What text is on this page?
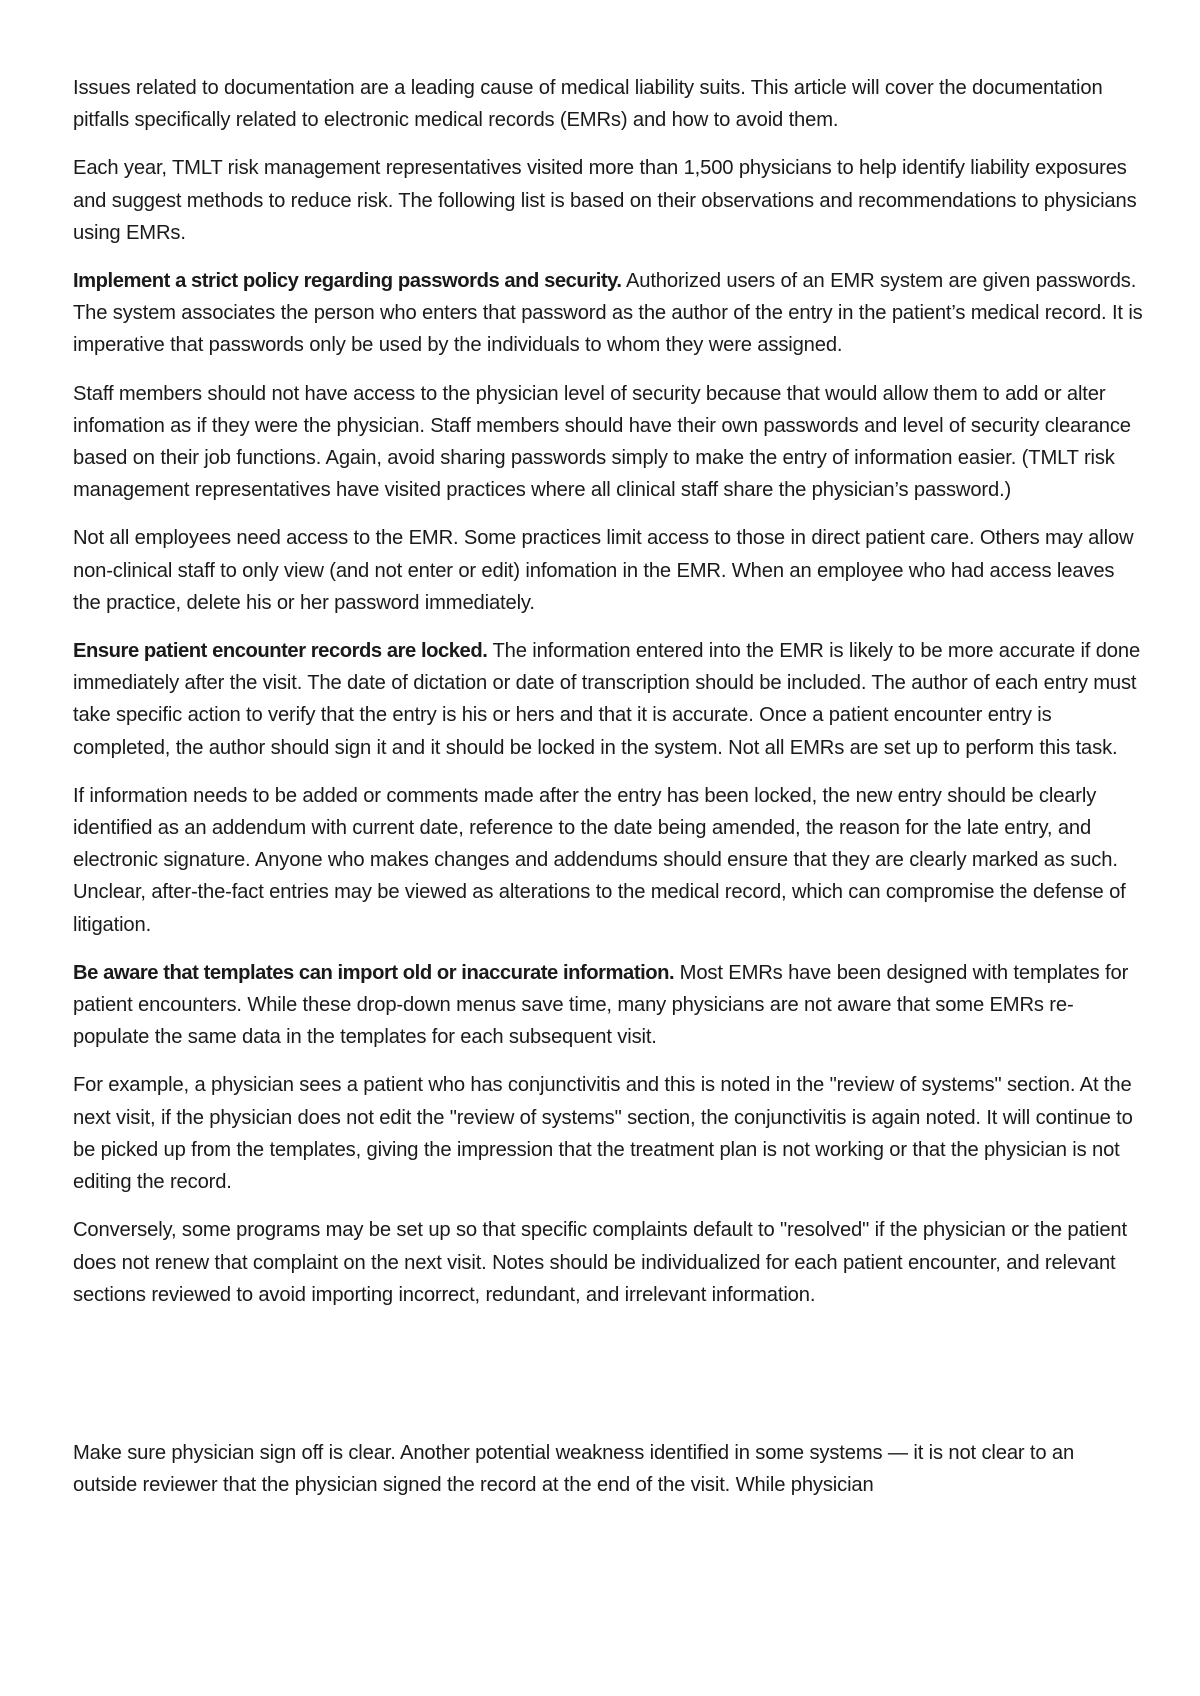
Issues related to documentation are a leading cause of medical liability suits. This article will cover the documentation pitfalls specifically related to electronic medical records (EMRs) and how to avoid them.

Each year, TMLT risk management representatives visited more than 1,500 physicians to help identify liability exposures and suggest methods to reduce risk. The following list is based on their observations and recommendations to physicians using EMRs.

Implement a strict policy regarding passwords and security. Authorized users of an EMR system are given passwords. The system associates the person who enters that password as the author of the entry in the patient’s medical record. It is imperative that passwords only be used by the individuals to whom they were assigned.

Staff members should not have access to the physician level of security because that would allow them to add or alter infomation as if they were the physician. Staff members should have their own passwords and level of security clearance based on their job functions. Again, avoid sharing passwords simply to make the entry of information easier. (TMLT risk management representatives have visited practices where all clinical staff share the physician’s password.)

Not all employees need access to the EMR. Some practices limit access to those in direct patient care. Others may allow non-clinical staff to only view (and not enter or edit) infomation in the EMR. When an employee who had access leaves the practice, delete his or her password immediately.

Ensure patient encounter records are locked. The information entered into the EMR is likely to be more accurate if done immediately after the visit. The date of dictation or date of transcription should be included. The author of each entry must take specific action to verify that the entry is his or hers and that it is accurate. Once a patient encounter entry is completed, the author should sign it and it should be locked in the system. Not all EMRs are set up to perform this task.

If information needs to be added or comments made after the entry has been locked, the new entry should be clearly identified as an addendum with current date, reference to the date being amended, the reason for the late entry, and electronic signature. Anyone who makes changes and addendums should ensure that they are clearly marked as such. Unclear, after-the-fact entries may be viewed as alterations to the medical record, which can compromise the defense of litigation.

Be aware that templates can import old or inaccurate information. Most EMRs have been designed with templates for patient encounters. While these drop-down menus save time, many physicians are not aware that some EMRs re-populate the same data in the templates for each subsequent visit.

For example, a physician sees a patient who has conjunctivitis and this is noted in the "review of systems" section. At the next visit, if the physician does not edit the "review of systems" section, the conjunctivitis is again noted. It will continue to be picked up from the templates, giving the impression that the treatment plan is not working or that the physician is not editing the record.

Conversely, some programs may be set up so that specific complaints default to "resolved" if the physician or the patient does not renew that complaint on the next visit. Notes should be individualized for each patient encounter, and relevant sections reviewed to avoid importing incorrect, redundant, and irrelevant information.

Make sure physician sign off is clear. Another potential weakness identified in some systems — it is not clear to an outside reviewer that the physician signed the record at the end of the visit. While physician
